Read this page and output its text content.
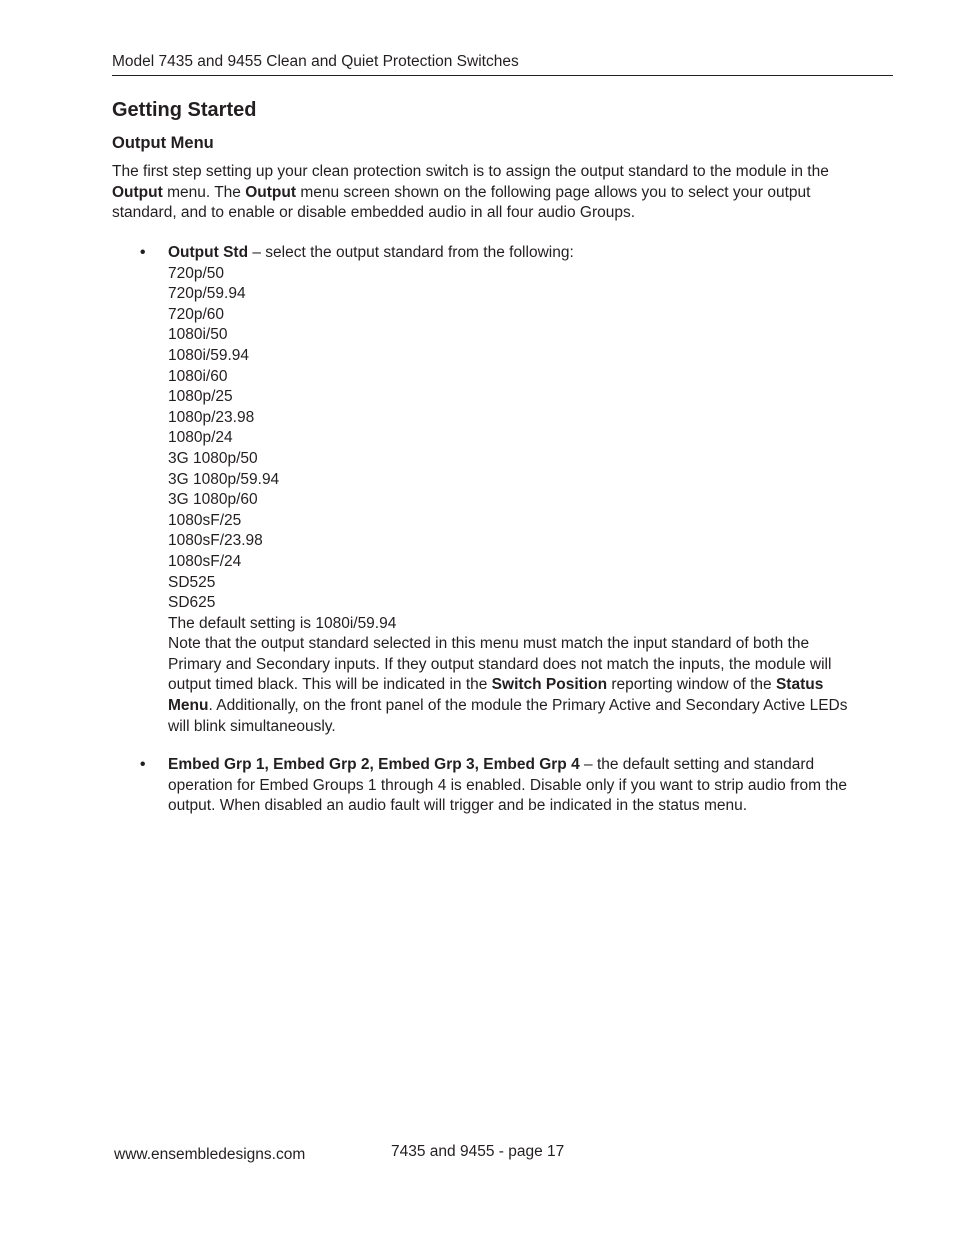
Model 7435 and 9455 Clean and Quiet Protection Switches
Getting Started
Output Menu

The first step setting up your clean protection switch is to assign the output standard to the module in the Output menu. The Output menu screen shown on the following page allows you to select your output standard, and to enable or disable embedded audio in all four audio Groups.

• Output Std – select the output standard from the following:
720p/50
720p/59.94
720p/60
1080i/50
1080i/59.94
1080i/60
1080p/25
1080p/23.98
1080p/24
3G 1080p/50
3G 1080p/59.94
3G 1080p/60
1080sF/25
1080sF/23.98
1080sF/24
SD525
SD625

The default setting is 1080i/59.94

Note that the output standard selected in this menu must match the input standard of both the Primary and Secondary inputs. If they output standard does not match the inputs, the module will output timed black. This will be indicated in the Switch Position reporting window of the Status Menu. Additionally, on the front panel of the module the Primary Active and Secondary Active LEDs will blink simultaneously.

• Embed Grp 1, Embed Grp 2, Embed Grp 3, Embed Grp 4 – the default setting and standard operation for Embed Groups 1 through 4 is enabled. Disable only if you want to strip audio from the output. When disabled an audio fault will trigger and be indicated in the status menu.
www.ensembledesigns.com	7435 and 9455 - page 17
